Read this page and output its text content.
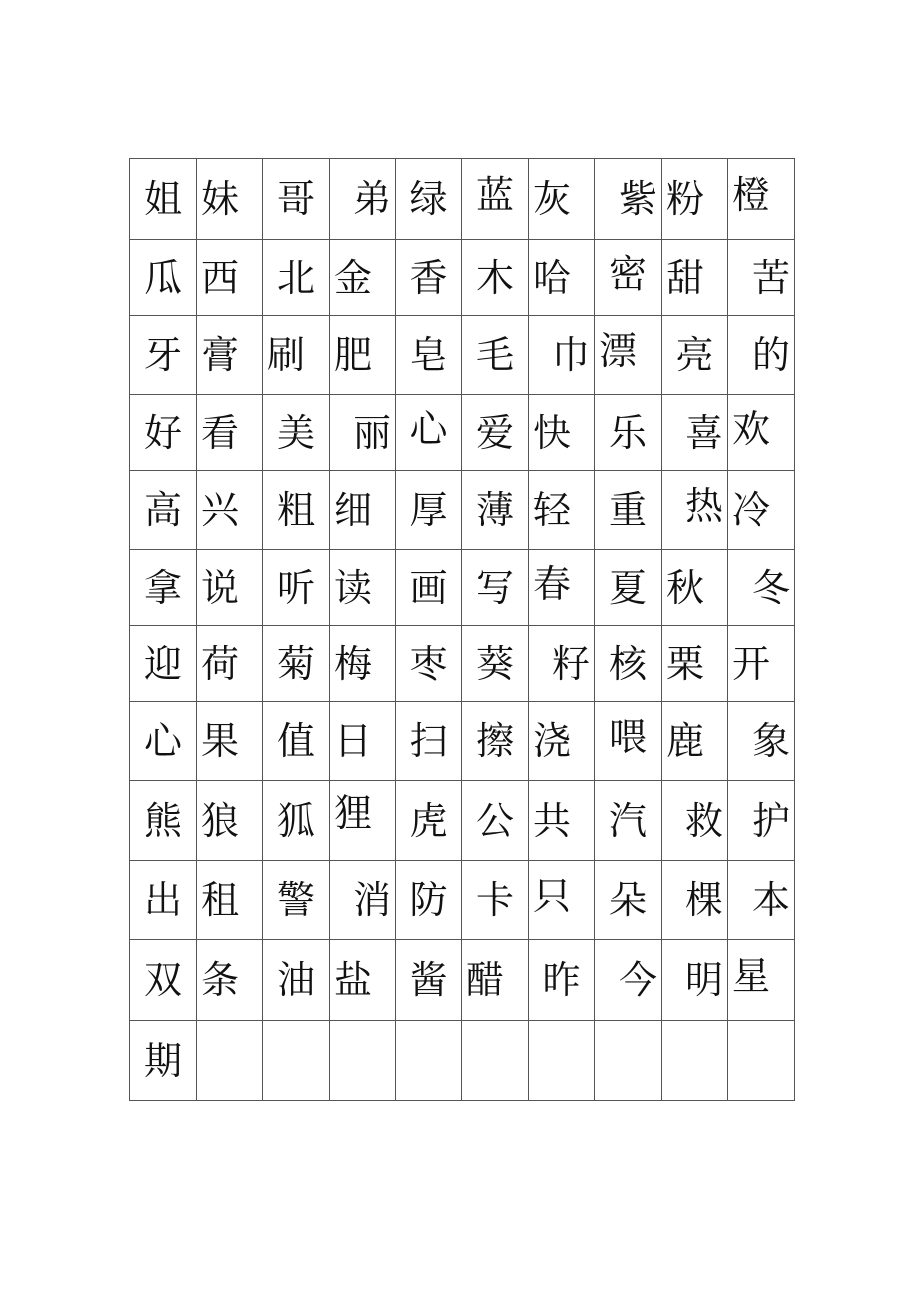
姐	妹	哥	弟	绿	蓝	灰	紫	粉	橙
瓜	西	北	金	香	木	哈	密	甜	苦
牙	膏	刷	肥	皂	毛	巾	漂	亮	的
好	看	美	丽	心	爱	快	乐	喜	欢
高	兴	粗	细	厚	薄	轻	重	热	冷
拿	说	听	读	画	写	春	夏	秋	冬
迎	荷	菊	梅	枣	葵	籽	核	栗	开
心	果	值	日	扫	擦	浇	喂	鹿	象
熊	狼	狐	狸	虎	公	共	汽	救	护
出	租	警	消	防	卡	只	朵	棵	本
双	条	油	盐	酱	醋	昨	今	明	星
期									
